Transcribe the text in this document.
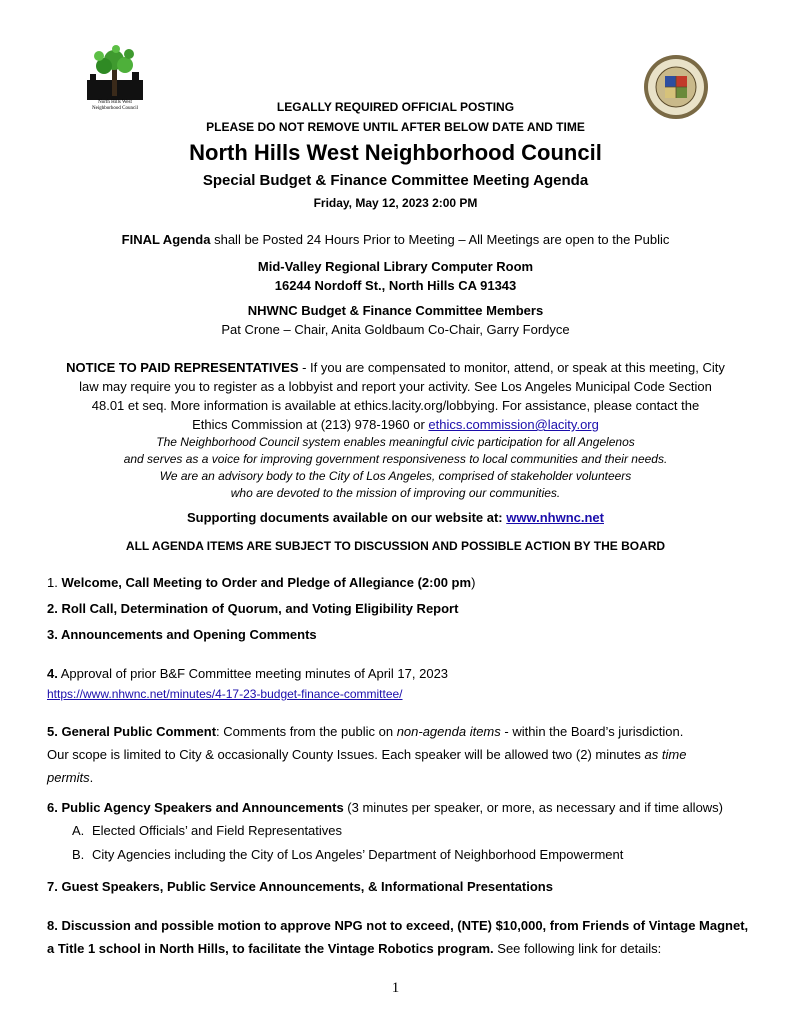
North Hills West
Neighborhood Council	LEGALLY REQUIRED OFFICIAL POSTING
PLEASE DO NOT REMOVE UNTIL AFTER BELOW DATE AND TIME
North Hills West Neighborhood Council
Special Budget & Finance Committee Meeting Agenda
Friday, May 12, 2023 2:00 PM
FINAL Agenda shall be Posted 24 Hours Prior to Meeting – All Meetings are open to the Public
Mid-Valley Regional Library Computer Room
16244 Nordoff St., North Hills CA 91343
NHWNC Budget & Finance Committee Members
Pat Crone – Chair, Anita Goldbaum Co-Chair, Garry Fordyce
NOTICE TO PAID REPRESENTATIVES - If you are compensated to monitor, attend, or speak at this meeting, City
law may require you to register as a lobbyist and report your activity. See Los Angeles Municipal Code Section
48.01 et seq. More information is available at ethics.lacity.org/lobbying. For assistance, please contact the
Ethics Commission at (213) 978-1960 or ethics.commission@lacity.org
The Neighborhood Council system enables meaningful civic participation for all Angelenos
and serves as a voice for improving government responsiveness to local communities and their needs.
We are an advisory body to the City of Los Angeles, comprised of stakeholder volunteers
who are devoted to the mission of improving our communities.
Supporting documents available on our website at: www.nhwnc.net
ALL AGENDA ITEMS ARE SUBJECT TO DISCUSSION AND POSSIBLE ACTION BY THE BOARD
1. Welcome, Call Meeting to Order and Pledge of Allegiance (2:00 pm)
2. Roll Call, Determination of Quorum, and Voting Eligibility Report
3. Announcements and Opening Comments
4. Approval of prior B&F Committee meeting minutes of April 17, 2023
https://www.nhwnc.net/minutes/4-17-23-budget-finance-committee/
5. General Public Comment: Comments from the public on non-agenda items - within the Board’s jurisdiction.
Our scope is limited to City & occasionally County Issues. Each speaker will be allowed two (2) minutes as time
permits.
6. Public Agency Speakers and Announcements (3 minutes per speaker, or more, as necessary and if time allows)
A. Elected Officials’ and Field Representatives
B. City Agencies including the City of Los Angeles’ Department of Neighborhood Empowerment
7. Guest Speakers, Public Service Announcements, & Informational Presentations
8. Discussion and possible motion to approve NPG not to exceed, (NTE) $10,000, from Friends of Vintage Magnet,
a Title 1 school in North Hills, to facilitate the Vintage Robotics program. See following link for details:
1
